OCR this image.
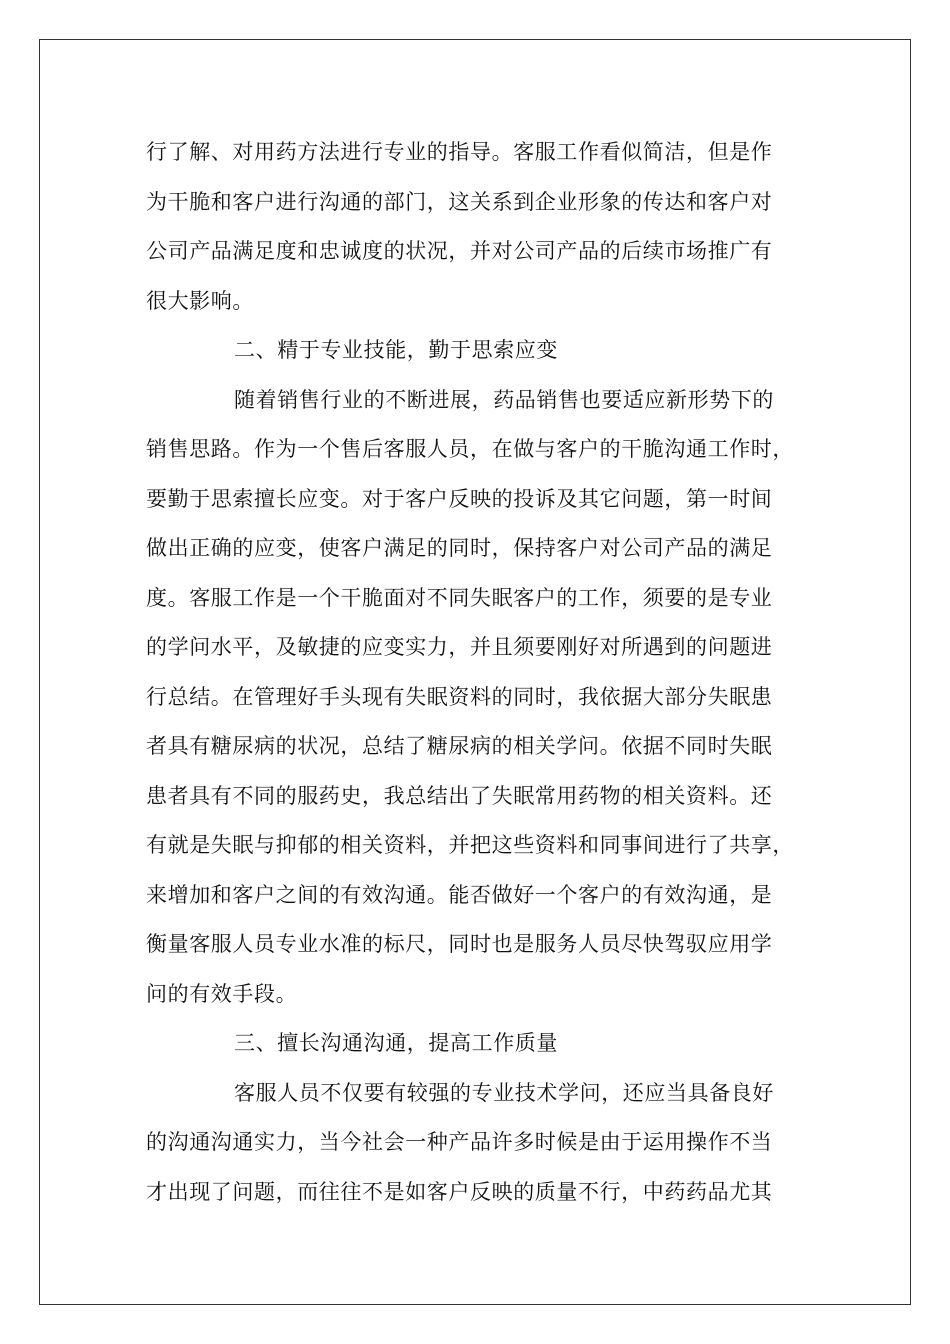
行了解、对用药方法进行专业的指导。客服工作看似简洁，但是作
为干脆和客户进行沟通的部门，这关系到企业形象的传达和客户对
公司产品满足度和忠诚度的状况，并对公司产品的后续市场推广有
很大影响。
二、精于专业技能，勤于思索应变
随着销售行业的不断进展，药品销售也要适应新形势下的
销售思路。作为一个售后客服人员，在做与客户的干脆沟通工作时，
要勤于思索擅长应变。对于客户反映的投诉及其它问题，第一时间
做出正确的应变，使客户满足的同时，保持客户对公司产品的满足
度。客服工作是一个干脆面对不同失眠客户的工作，须要的是专业
的学问水平，及敏捷的应变实力，并且须要刚好对所遇到的问题进
行总结。在管理好手头现有失眠资料的同时，我依据大部分失眠患
者具有糖尿病的状况，总结了糖尿病的相关学问。依据不同时失眠
患者具有不同的服药史，我总结出了失眠常用药物的相关资料。还
有就是失眠与抑郁的相关资料，并把这些资料和同事间进行了共享，
来增加和客户之间的有效沟通。能否做好一个客户的有效沟通，是
衡量客服人员专业水准的标尺，同时也是服务人员尽快驾驭应用学
问的有效手段。
三、擅长沟通沟通，提高工作质量
客服人员不仅要有较强的专业技术学问，还应当具备良好
的沟通沟通实力，当今社会一种产品许多时候是由于运用操作不当
才出现了问题，而往往不是如客户反映的质量不行，中药药品尤其
